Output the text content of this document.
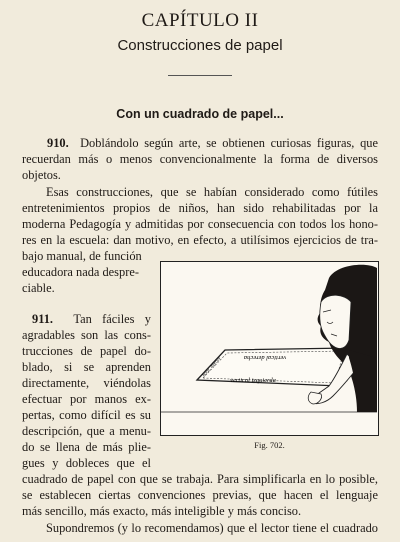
CAPÍTULO II
Construcciones de papel
Con un cuadrado de papel...
910. Doblándolo según arte, se obtienen curiosas figuras, que
recuerdan más o menos convencionalmente la forma de diversos
objetos.
Esas construcciones, que se habían considerado como fútiles
entretenimientos propios de niños, han sido rehabilitadas por la
moderna Pedagogía y admitidas por consecuencia con todos los hono-
res en la escuela: dan motivo, en efecto, a utilísimos ejercicios de tra-
bajo manual, de función
educadora nada despre-
ciable.
911. Tan fáciles y
agradables son las cons-
trucciones de papel do-
blado, si se aprenden
directamente, viéndolas
efectuar por manos ex-
pertas, como difícil es su
descripción, que a menu-
do se llena de más plie-
gues y dobleces que el
cuadrado de papel con que se trabaja. Para simplificarla en lo posible,
se establecen ciertas convenciones previas, que hacen el lenguaje
más sencillo, más exacto, más inteligible y más conciso.
Supondremos (y lo recomendamos) que el lector tiene el cuadrado
vertical derecha
vertical izquierda
horiz. inferior
Fig. 702.
